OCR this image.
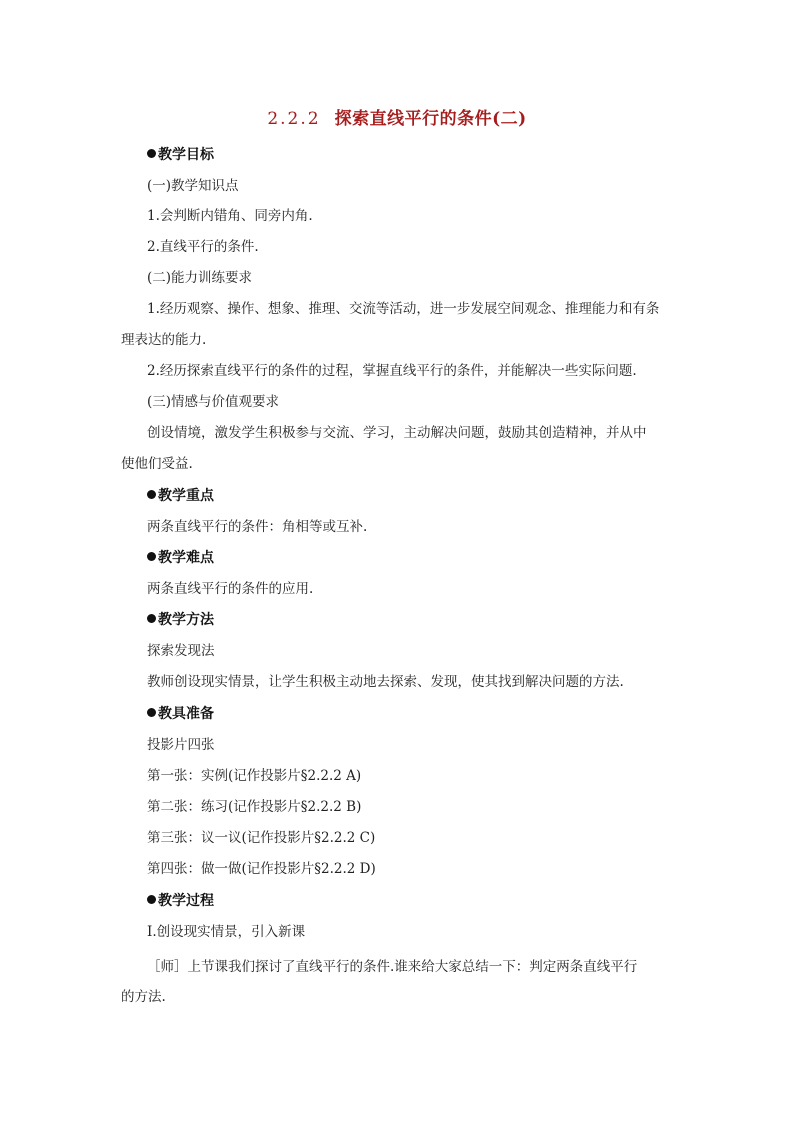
2.2.2 探索直线平行的条件(二)
教学目标
(一)教学知识点
1.会判断内错角、同旁内角.
2.直线平行的条件.
(二)能力训练要求
1.经历观察、操作、想象、推理、交流等活动，进一步发展空间观念、推理能力和有条
理表达的能力.
2.经历探索直线平行的条件的过程，掌握直线平行的条件，并能解决一些实际问题.
(三)情感与价值观要求
创设情境，激发学生积极参与交流、学习，主动解决问题，鼓励其创造精神，并从中
使他们受益.
教学重点
两条直线平行的条件：角相等或互补.
教学难点
两条直线平行的条件的应用.
教学方法
探索发现法
教师创设现实情景，让学生积极主动地去探索、发现，使其找到解决问题的方法.
教具准备
投影片四张
第一张：实例(记作投影片§2.2.2 A)
第二张：练习(记作投影片§2.2.2 B)
第三张：议一议(记作投影片§2.2.2 C)
第四张：做一做(记作投影片§2.2.2 D)
教学过程
Ⅰ.创设现实情景，引入新课
［师］上节课我们探讨了直线平行的条件.谁来给大家总结一下：判定两条直线平行
的方法.
